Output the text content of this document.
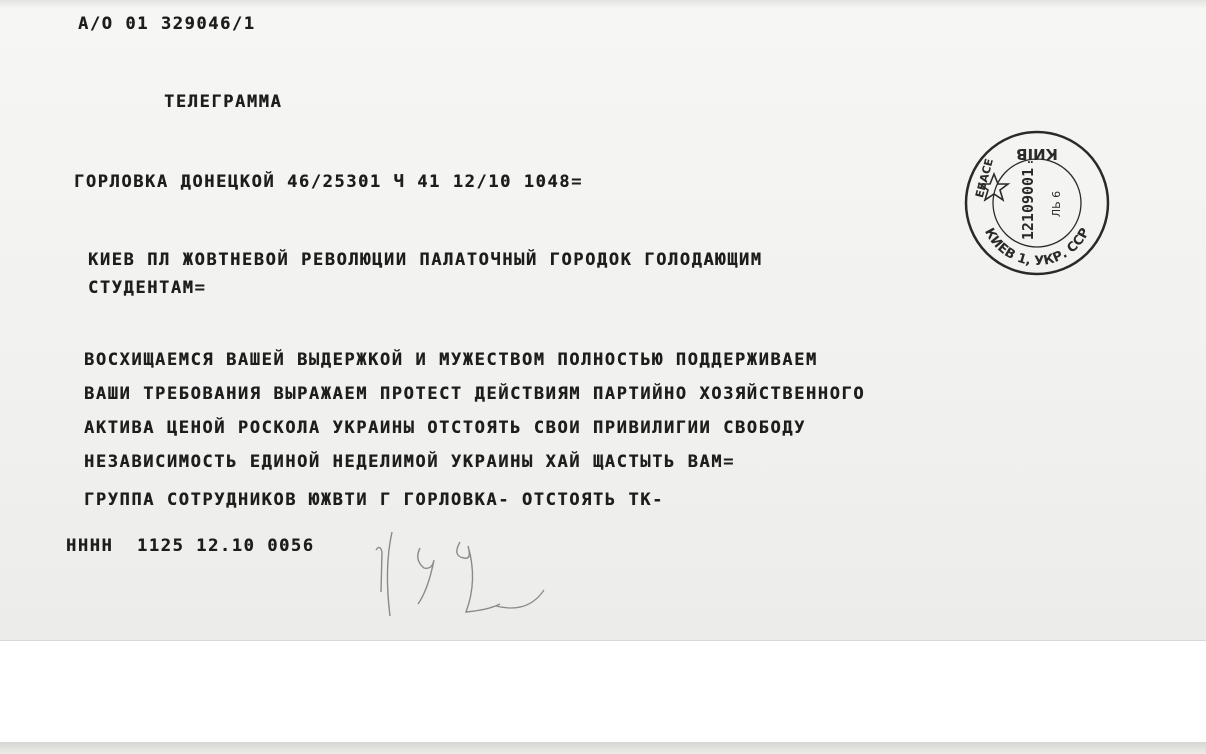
А/О 01 329046/1
ТЕЛЕГРАММА
ГОРЛОВКА ДОНЕЦКОЙ 46/25301 Ч 41 12/10 1048=
КИЕВ ПЛ ЖОВТНЕВОЙ РЕВОЛЮЦИИ ПАЛАТОЧНЫЙ ГОРОДОК ГОЛОДАЮЩИМ
СТУДЕНТАМ=
ВОСХИЩАЕМСЯ ВАШЕЙ ВЫДЕРЖКОЙ И МУЖЕСТВОМ ПОЛНОСТЬЮ ПОДДЕРЖИВАЕМ
ВАШИ ТРЕБОВАНИЯ ВЫРАЖАЕМ ПРОТЕСТ ДЕЙСТВИЯМ ПАРТИЙНО ХОЗЯЙСТВЕННОГО
АКТИВА ЦЕНОЙ РОСКОЛА УКРАИНЫ ОТСТОЯТЬ СВОИ ПРИВИЛИГИИ СВОБОДУ
НЕЗАВИСИМОСТЬ ЕДИНОЙ НЕДЕЛИМОЙ УКРАИНЫ ХАЙ ЩАСТЫТЬ ВАМ=
ГРУППА СОТРУДНИКОВ ЮЖВТИ Г ГОРЛОВКА- ОТСТОЯТЬ ТК-
НННН  1125 12.10 0056
КИЇВ
КИЕВ 1, УКР. ССР
12109001 ЛЬ 6
ЕБАСЕ
